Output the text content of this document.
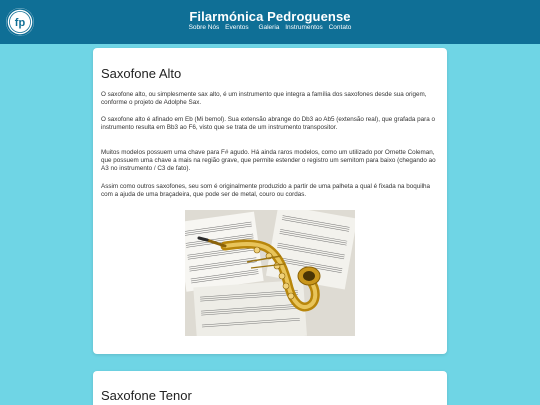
fp	Filarmónica Pedroguense
Sobre Nós Eventos Galeria Instrumentos Contato
Saxofone Alto

O saxofone alto, ou simplesmente sax alto, é um instrumento que integra a família dos saxofones desde sua origem, conforme o projeto de Adolphe Sax.

O saxofone alto é afinado em Eb (Mi bemol). Sua extensão abrange do Db3 ao Ab5 (extensão real), que grafada para o instrumento resulta em Bb3 ao F6, visto que se trata de um instrumento transpositor.

Muitos modelos possuem uma chave para F# agudo. Há ainda raros modelos, como um utilizado por Ornette Coleman, que possuem uma chave a mais na região grave, que permite estender o registro um semitom para baixo (chegando ao A3 no instrumento / C3 de fato).

Assim como outros saxofones, seu som é originalmente produzido a partir de uma palheta a qual é fixada na boquilha com a ajuda de uma braçadeira, que pode ser de metal, couro ou cordas.

Saxofone Tenor
